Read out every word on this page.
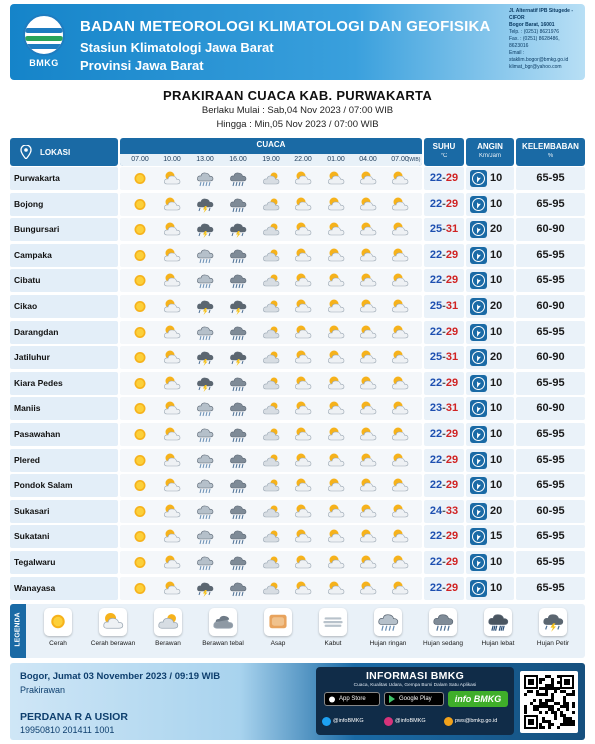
BMKG
BADAN METEOROLOGI KLIMATOLOGI DAN GEOFISIKA
Stasiun Klimatologi Jawa Barat
Provinsi Jawa Barat
Jl. Alternatif IPB Situgede - CIFOR
Bogor Barat, 16001
Telp. : (0251) 8621976
Fax. : (0251) 8628486, 8623016
Email :
staklim.bogor@bmkg.go.id
klimat_bgr@yahoo.com
PRAKIRAAN CUACA KAB. PURWAKARTA
Berlaku Mulai : Sab,04 Nov 2023 / 07:00 WIB
Hingga : Min,05 Nov 2023 / 07:00 WIB
LOKASI
CUACA
07.00	10.00	13.00	16.00	19.00	22.00	01.00	04.00	07.00
(WIB)
SUHU
°C
ANGIN
Km/Jam
KELEMBABAN
%
Purwakarta	22-29	10	65-95
Bojong	22-29	10	65-95
Bungursari	25-31	20	60-90
Campaka	22-29	10	65-95
Cibatu	22-29	10	65-95
Cikao	25-31	20	60-90
Darangdan	22-29	10	65-95
Jatiluhur	25-31	20	60-90
Kiara Pedes	22-29	10	65-95
Maniis	23-31	10	60-90
Pasawahan	22-29	10	65-95
Plered	22-29	10	65-95
Pondok Salam	22-29	10	65-95
Sukasari	24-33	20	60-95
Sukatani	22-29	15	65-95
Tegalwaru	22-29	10	65-95
Wanayasa	22-29	10	65-95
LEGENDA	Cerah	Cerah berawan	Berawan	Berawan tebal	Asap	Kabut	Hujan ringan	Hujan sedang	Hujan lebat	Hujan Petir
Bogor, Jumat 03 November 2023 / 09:19 WIB
Prakirawan
PERDANA R A USIOR
19950810 201411 1001
INFORMASI BMKG
Cuaca, Kualitas Udara, Gempa Bumi Dalam Satu Aplikasi
App Store	Google Play	info BMKG
@infoBMKG	@infoBMKG	pws@bmkg.go.id
